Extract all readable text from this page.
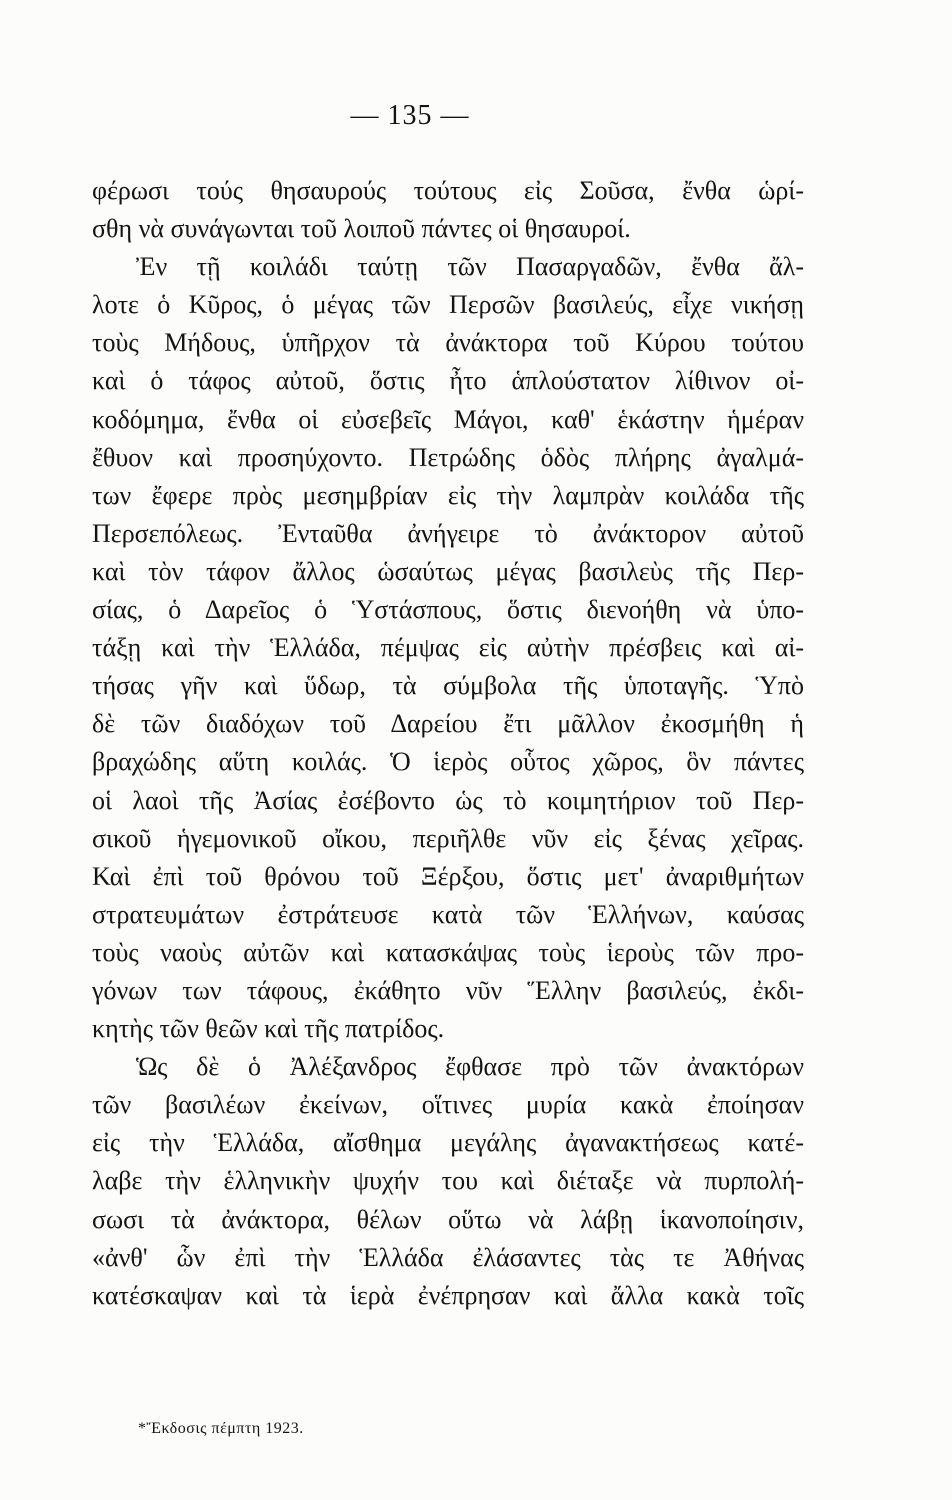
— 135 —
φέρωσι τούς θησαυρούς τούτους εἰς Σοῦσα, ἔνθα ὡρί-
σθη νὰ συνάγωνται τοῦ λοιποῦ πάντες οἱ θησαυροί.
Ἐν τῇ κοιλάδι ταύτῃ τῶν Πασαργαδῶν, ἔνθα ἄλ-
λοτε ὁ Κῦρος, ὁ μέγας τῶν Περσῶν βασιλεύς, εἶχε νικήσῃ
τοὺς Μήδους, ὑπῆρχον τὰ ἀνάκτορα τοῦ Κύρου τούτου
καὶ ὁ τάφος αὐτοῦ, ὅστις ἦτο ἁπλούστατον λίθινον οἰ-
κοδόμημα, ἔνθα οἱ εὐσεβεῖς Μάγοι, καθ' ἑκάστην ἡμέραν
ἔθυον καὶ προσηύχοντο. Πετρώδης ὁδὸς πλήρης ἀγαλμά-
των ἔφερε πρὸς μεσημβρίαν εἰς τὴν λαμπρὰν κοιλάδα τῆς
Περσεπόλεως. Ἐνταῦθα ἀνήγειρε τὸ ἀνάκτορον αὐτοῦ
καὶ τὸν τάφον ἄλλος ὡσαύτως μέγας βασιλεὺς τῆς Περ-
σίας, ὁ Δαρεῖος ὁ Ὑστάσπους, ὅστις διενοήθη νὰ ὑπο-
τάξῃ καὶ τὴν Ἑλλάδα, πέμψας εἰς αὐτὴν πρέσβεις καὶ αἰ-
τήσας γῆν καὶ ὕδωρ, τὰ σύμβολα τῆς ὑποταγῆς. Ὑπὸ
δὲ τῶν διαδόχων τοῦ Δαρείου ἔτι μᾶλλον ἐκοσμήθη ἡ
βραχώδης αὕτη κοιλάς. Ὁ ἱερὸς οὗτος χῶρος, ὃν πάντες
οἱ λαοὶ τῆς Ἀσίας ἐσέβοντο ὡς τὸ κοιμητήριον τοῦ Περ-
σικοῦ ἡγεμονικοῦ οἴκου, περιῆλθε νῦν εἰς ξένας χεῖρας.
Καὶ ἐπὶ τοῦ θρόνου τοῦ Ξέρξου, ὅστις μετ' ἀναριθμήτων
στρατευμάτων ἐστράτευσε κατὰ τῶν Ἑλλήνων, καύσας
τοὺς ναοὺς αὐτῶν καὶ κατασκάψας τοὺς ἱεροὺς τῶν προ-
γόνων των τάφους, ἐκάθητο νῦν Ἕλλην βασιλεύς, ἐκδι-
κητὴς τῶν θεῶν καὶ τῆς πατρίδος.
Ὡς δὲ ὁ Ἀλέξανδρος ἔφθασε πρὸ τῶν ἀνακτόρων
τῶν βασιλέων ἐκείνων, οἵτινες μυρία κακὰ ἐποίησαν
εἰς τὴν Ἑλλάδα, αἴσθημα μεγάλης ἀγανακτήσεως κατέ-
λαβε τὴν ἑλληνικὴν ψυχήν του καὶ διέταξε νὰ πυρπολή-
σωσι τὰ ἀνάκτορα, θέλων οὕτω νὰ λάβῃ ἱκανοποίησιν,
«ἀνθ' ὧν ἐπὶ τὴν Ἑλλάδα ἐλάσαντες τὰς τε Ἀθήνας
κατέσκαψαν καὶ τὰ ἱερὰ ἐνέπρησαν καὶ ἄλλα κακὰ τοῖς
*Ἔκδοσις πέμπτη 1923.
